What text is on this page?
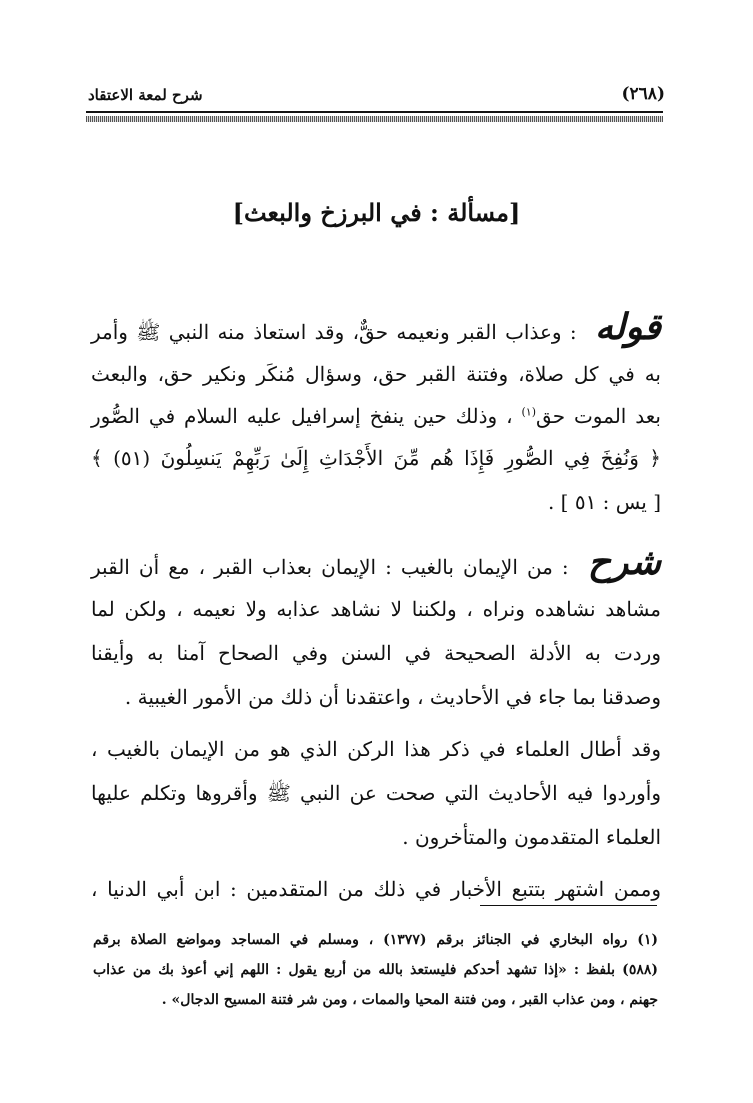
شرح لمعة الاعتقاد	(٢٦٨)
[مسألة : في البرزخ والبعث]
قوله : وعذاب القبر ونعيمه حقٌّ، وقد استعاذ منه النبي ﷺ وأمر
به في كل صلاة، وفتنة القبر حق، وسؤال مُنكَر ونكير حق، والبعث
بعد الموت حق$^{(١)}$ ، وذلك حين ينفخ إسرافيل عليه السلام في الصُّور
﴿ وَنُفِخَ فِي الصُّورِ فَإِذَا هُم مِّنَ الأَجْدَاثِ إِلَىٰ رَبِّهِمْ يَنسِلُونَ (٥١) ﴾
[ يس : ٥١ ] .
شرح : من الإيمان بالغيب : الإيمان بعذاب القبر ، مع أن القبر
مشاهد نشاهده ونراه ، ولكننا لا نشاهد عذابه ولا نعيمه ، ولكن لما
وردت به الأدلة الصحيحة في السنن وفي الصحاح آمنا به وأيقنا
وصدقنا بما جاء في الأحاديث ، واعتقدنا أن ذلك من الأمور الغيبية .
وقد أطال العلماء في ذكر هذا الركن الذي هو من الإيمان بالغيب ،
وأوردوا فيه الأحاديث التي صحت عن النبي ﷺ وأقروها وتكلم عليها
العلماء المتقدمون والمتأخرون .
وممن اشتهر بتتبع الأخبار في ذلك من المتقدمين : ابن أبي الدنيا ،
(١) رواه البخاري في الجنائز برقم (١٣٧٧) ، ومسلم في المساجد ومواضع الصلاة برقم
(٥٨٨) بلفظ : «إذا تشهد أحدكم فليستعذ بالله من أربع يقول : اللهم إني أعوذ بك من عذاب
جهنم ، ومن عذاب القبر ، ومن فتنة المحيا والممات ، ومن شر فتنة المسيح الدجال» .
